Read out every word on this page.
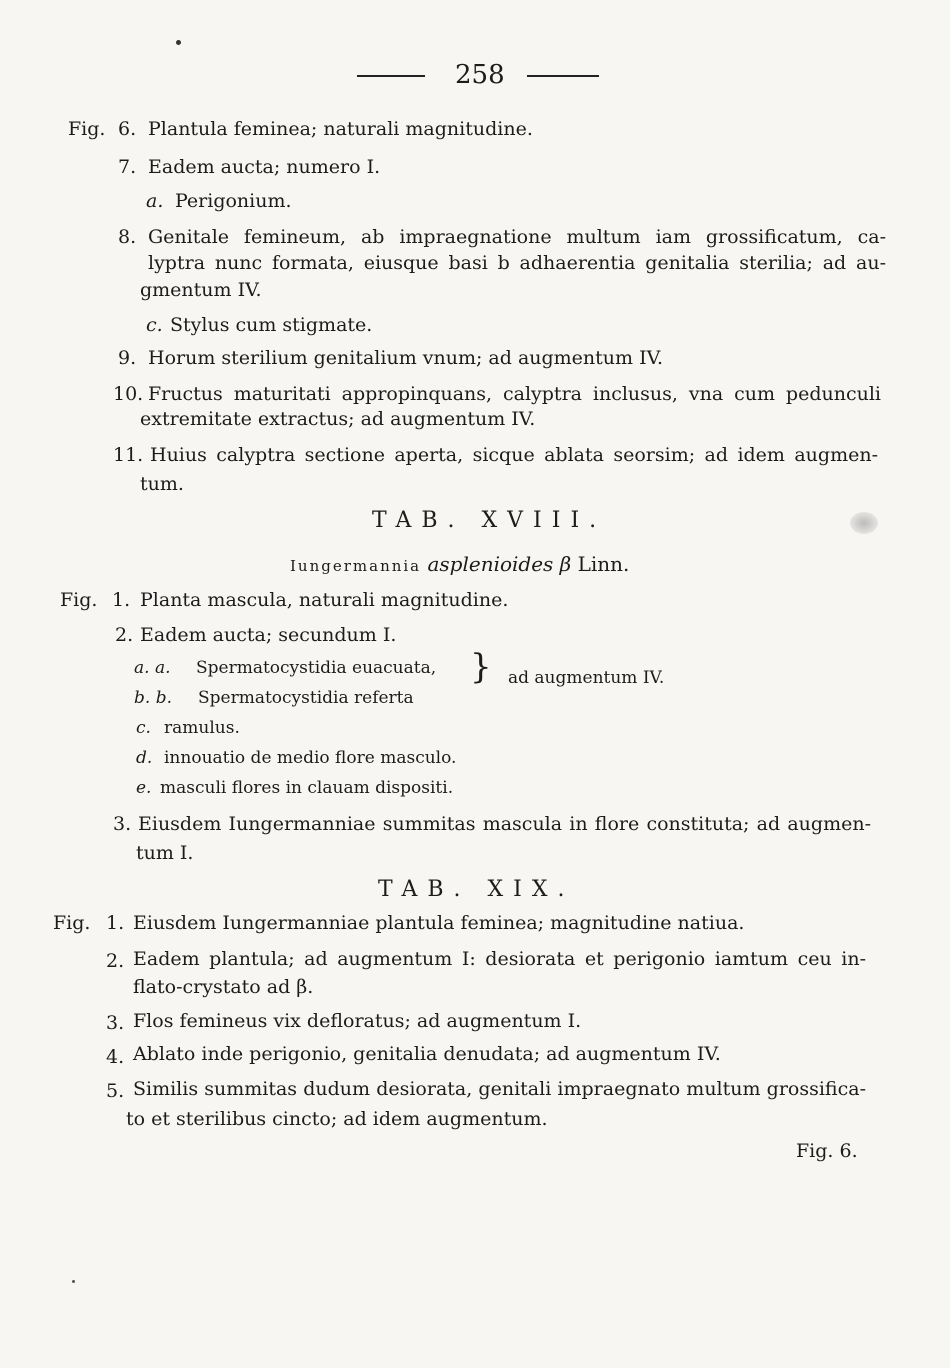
258
Fig. 6. Plantula feminea; naturali magnitudine.
7. Eadem aucta; numero I.
a. Perigonium.
8. Genitale femineum, ab impraegnatione multum iam grossificatum, ca-
lyptra nunc formata, eiusque basi b adhaerentia genitalia sterilia; ad au-
gmentum IV.
c. Stylus cum stigmate.
9. Horum sterilium genitalium vnum; ad augmentum IV.
10. Fructus maturitati appropinquans, calyptra inclusus, vna cum pedunculi
extremitate extractus; ad augmentum IV.
11. Huius calyptra sectione aperta, sicque ablata seorsim; ad idem augmen-
tum.
TAB. XVIII.
Iungermannia asplenioides β Linn.
Fig. 1. Planta mascula, naturali magnitudine.
2. Eadem aucta; secundum I.
a. a. Spermatocystidia euacuata,
b. b. Spermatocystidia referta
} ad augmentum IV.
c. ramulus.
d. innouatio de medio flore masculo.
e. masculi flores in clauam dispositi.
3. Eiusdem Iungermanniae summitas mascula in flore constituta; ad augmen-
tum I.
TAB. XIX.
Fig. 1. Eiusdem Iungermanniae plantula feminea; magnitudine natiua.
2. Eadem plantula; ad augmentum I: desiorata et perigonio iamtum ceu in-
flato-crystato ad β.
3. Flos femineus vix defloratus; ad augmentum I.
4. Ablato inde perigonio, genitalia denudata; ad augmentum IV.
5. Similis summitas dudum desiorata, genitali impraegnato multum grossifica-
to et sterilibus cincto; ad idem augmentum.
Fig. 6.
